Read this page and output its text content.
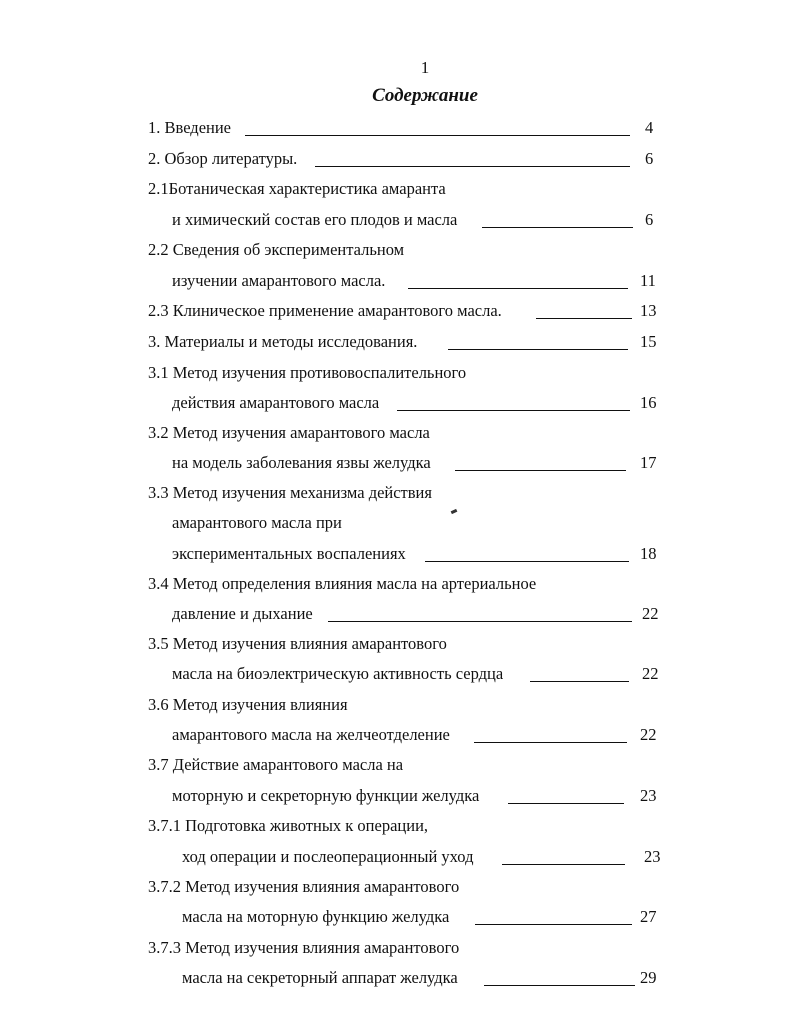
1
Содержание
1. Введение	4
2. Обзор литературы.	6
2.1Ботаническая характеристика амаранта
и химический состав его плодов и масла	6
2.2 Сведения об экспериментальном
изучении амарантового масла.	11
2.3 Клиническое применение амарантового масла.	13
3. Материалы и методы исследования.	15
3.1 Метод изучения противовоспалительного
действия амарантового масла	16
3.2 Метод изучения амарантового масла
на модель заболевания язвы желудка	17
3.3 Метод изучения механизма действия
амарантового масла при
экспериментальных воспалениях	18
3.4 Метод определения влияния масла на артериальное
давление и дыхание	22
3.5 Метод изучения влияния амарантового
масла на биоэлектрическую активность сердца	22
3.6 Метод изучения влияния
амарантового масла на желчеотделение	22
3.7 Действие амарантового масла на
моторную и секреторную функции желудка	23
3.7.1 Подготовка животных к операции,
ход операции и послеоперационный уход	23
3.7.2 Метод изучения влияния амарантового
масла на моторную функцию желудка	27
3.7.3 Метод изучения влияния амарантового
масла на секреторный аппарат желудка	29
